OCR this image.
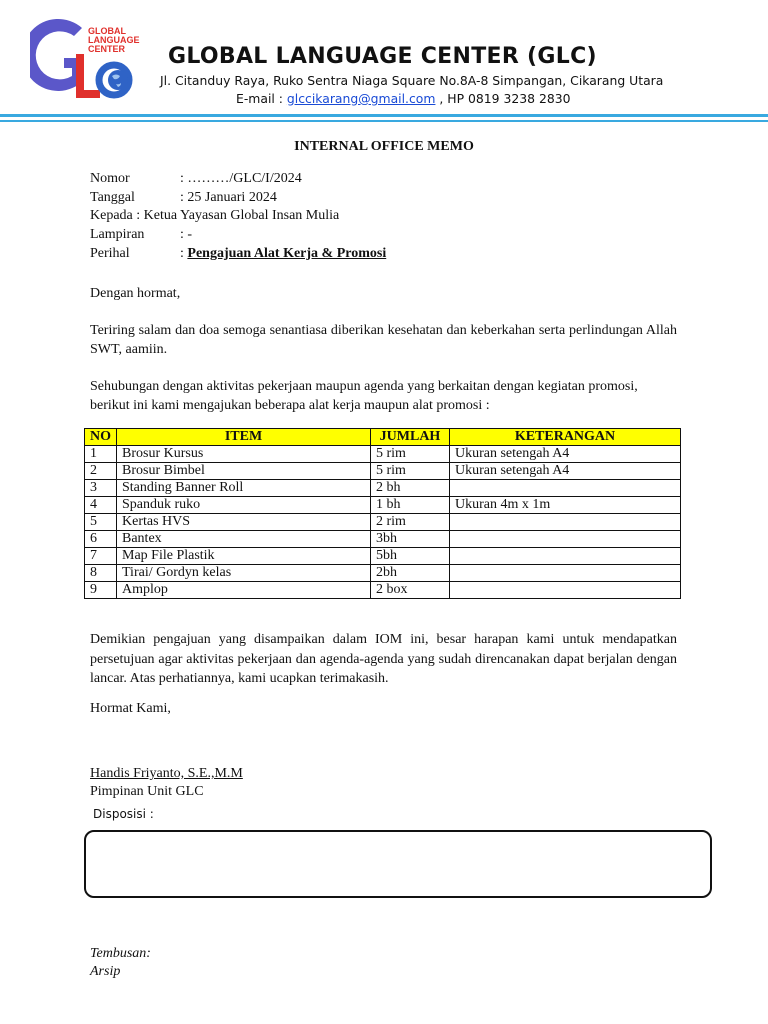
GLOBAL
LANGUAGE
CENTER GLOBAL LANGUAGE CENTER (GLC)
Jl. Citanduy Raya, Ruko Sentra Niaga Square No.8A-8 Simpangan, Cikarang Utara
E-mail : glccikarang@gmail.com , HP 0819 3238 2830
INTERNAL OFFICE MEMO
Nomor	: ………/GLC/I/2024
Tanggal	: 25 Januari 2024
Kepada : Ketua Yayasan Global Insan Mulia
Lampiran	: -
Perihal	: Pengajuan Alat Kerja & Promosi
Dengan hormat,
Teriring salam dan doa semoga senantiasa diberikan kesehatan dan keberkahan serta perlindungan Allah SWT, aamiin.
Sehubungan dengan aktivitas pekerjaan maupun agenda yang berkaitan dengan kegiatan promosi, berikut ini kami mengajukan beberapa alat kerja maupun alat promosi :
NO	ITEM	JUMLAH	KETERANGAN
1	Brosur Kursus	5 rim	Ukuran setengah A4
2	Brosur Bimbel	5 rim	Ukuran setengah A4
3	Standing Banner Roll	2 bh	
4	Spanduk ruko	1 bh	Ukuran 4m x 1m
5	Kertas HVS	2 rim	
6	Bantex	3bh	
7	Map File Plastik	5bh	
8	Tirai/ Gordyn kelas	2bh	
9	Amplop	2 box	
Demikian pengajuan yang disampaikan dalam IOM ini, besar harapan kami untuk mendapatkan persetujuan agar aktivitas pekerjaan dan agenda-agenda yang sudah direncanakan dapat berjalan dengan lancar. Atas perhatiannya, kami ucapkan terimakasih.
Hormat Kami,
Handis Friyanto, S.E.,M.M
Pimpinan Unit GLC
Disposisi :
Tembusan:
Arsip
